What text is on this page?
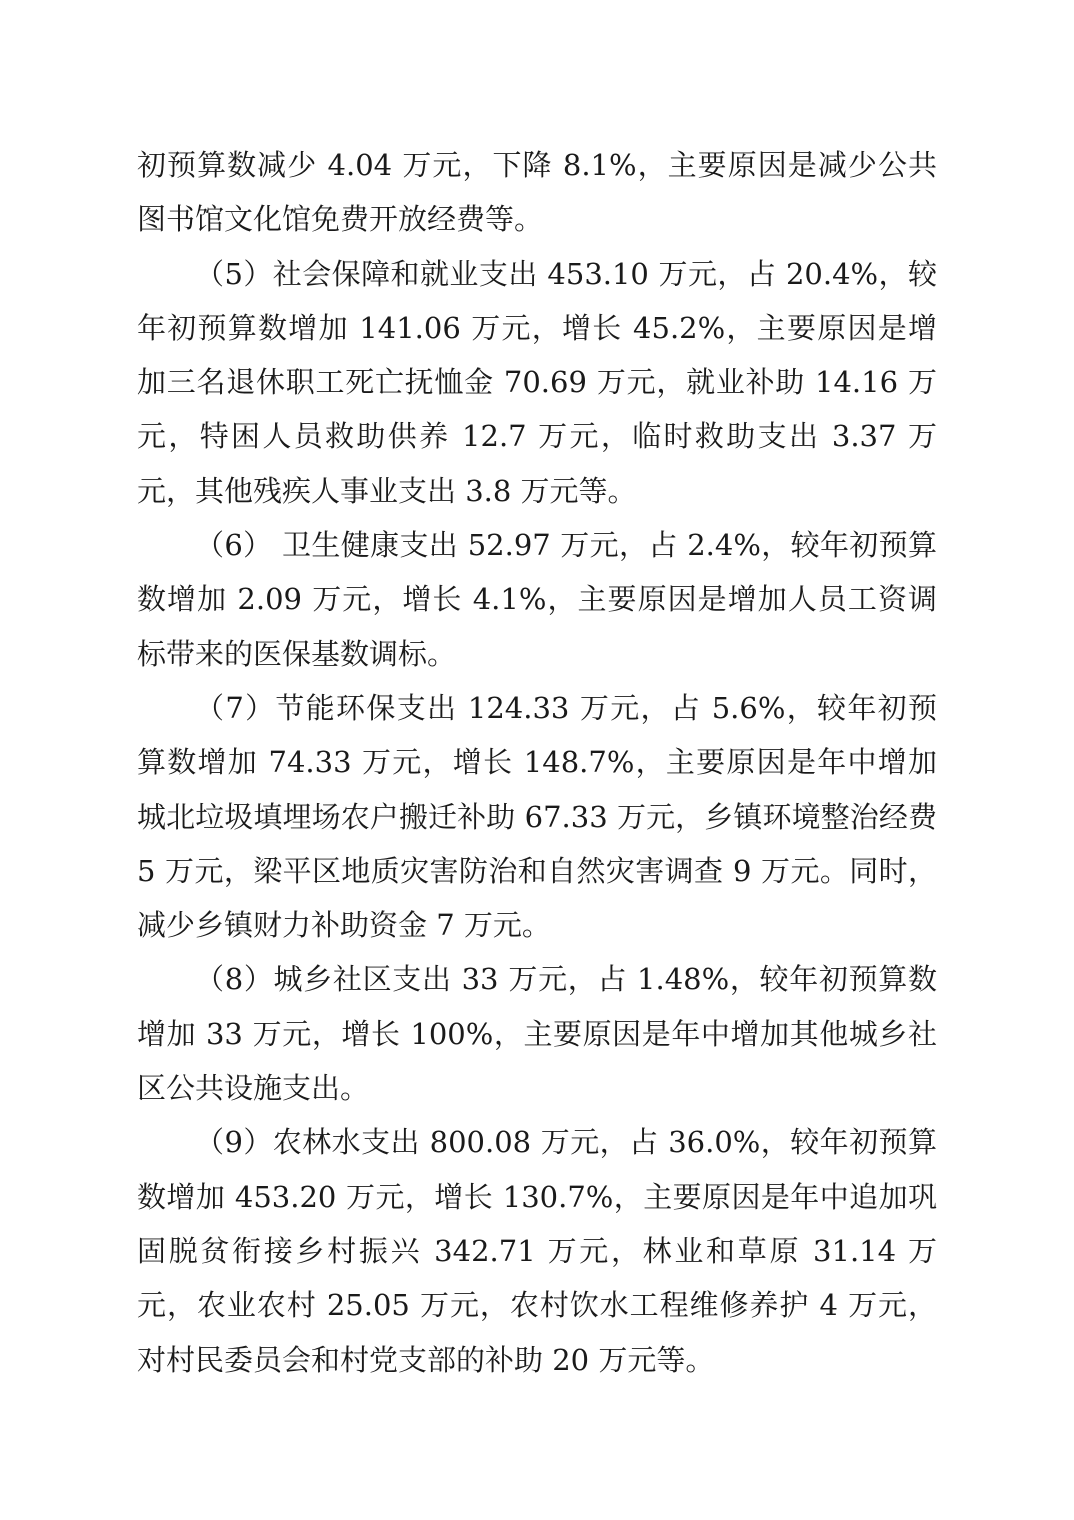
初预算数减少 4.04 万元，下降 8.1%，主要原因是减少公共图书馆文化馆免费开放经费等。

（5）社会保障和就业支出 453.10 万元，占 20.4%，较年初预算数增加 141.06 万元，增长 45.2%，主要原因是增加三名退休职工死亡抚恤金 70.69 万元，就业补助 14.16 万元，特困人员救助供养 12.7 万元，临时救助支出 3.37 万元，其他残疾人事业支出 3.8 万元等。

（6） 卫生健康支出 52.97 万元，占 2.4%，较年初预算数增加 2.09 万元，增长 4.1%，主要原因是增加人员工资调标带来的医保基数调标。

（7）节能环保支出 124.33 万元，占 5.6%，较年初预算数增加 74.33 万元，增长 148.7%，主要原因是年中增加城北垃圾填埋场农户搬迁补助 67.33 万元，乡镇环境整治经费 5 万元，梁平区地质灾害防治和自然灾害调查 9 万元。同时，减少乡镇财力补助资金 7 万元。

（8）城乡社区支出 33 万元，占 1.48%，较年初预算数增加 33 万元，增长 100%，主要原因是年中增加其他城乡社区公共设施支出。

（9）农林水支出 800.08 万元，占 36.0%，较年初预算数增加 453.20 万元，增长 130.7%，主要原因是年中追加巩固脱贫衔接乡村振兴 342.71 万元，林业和草原 31.14 万元，农业农村 25.05 万元，农村饮水工程维修养护 4 万元，对村民委员会和村党支部的补助 20 万元等。
